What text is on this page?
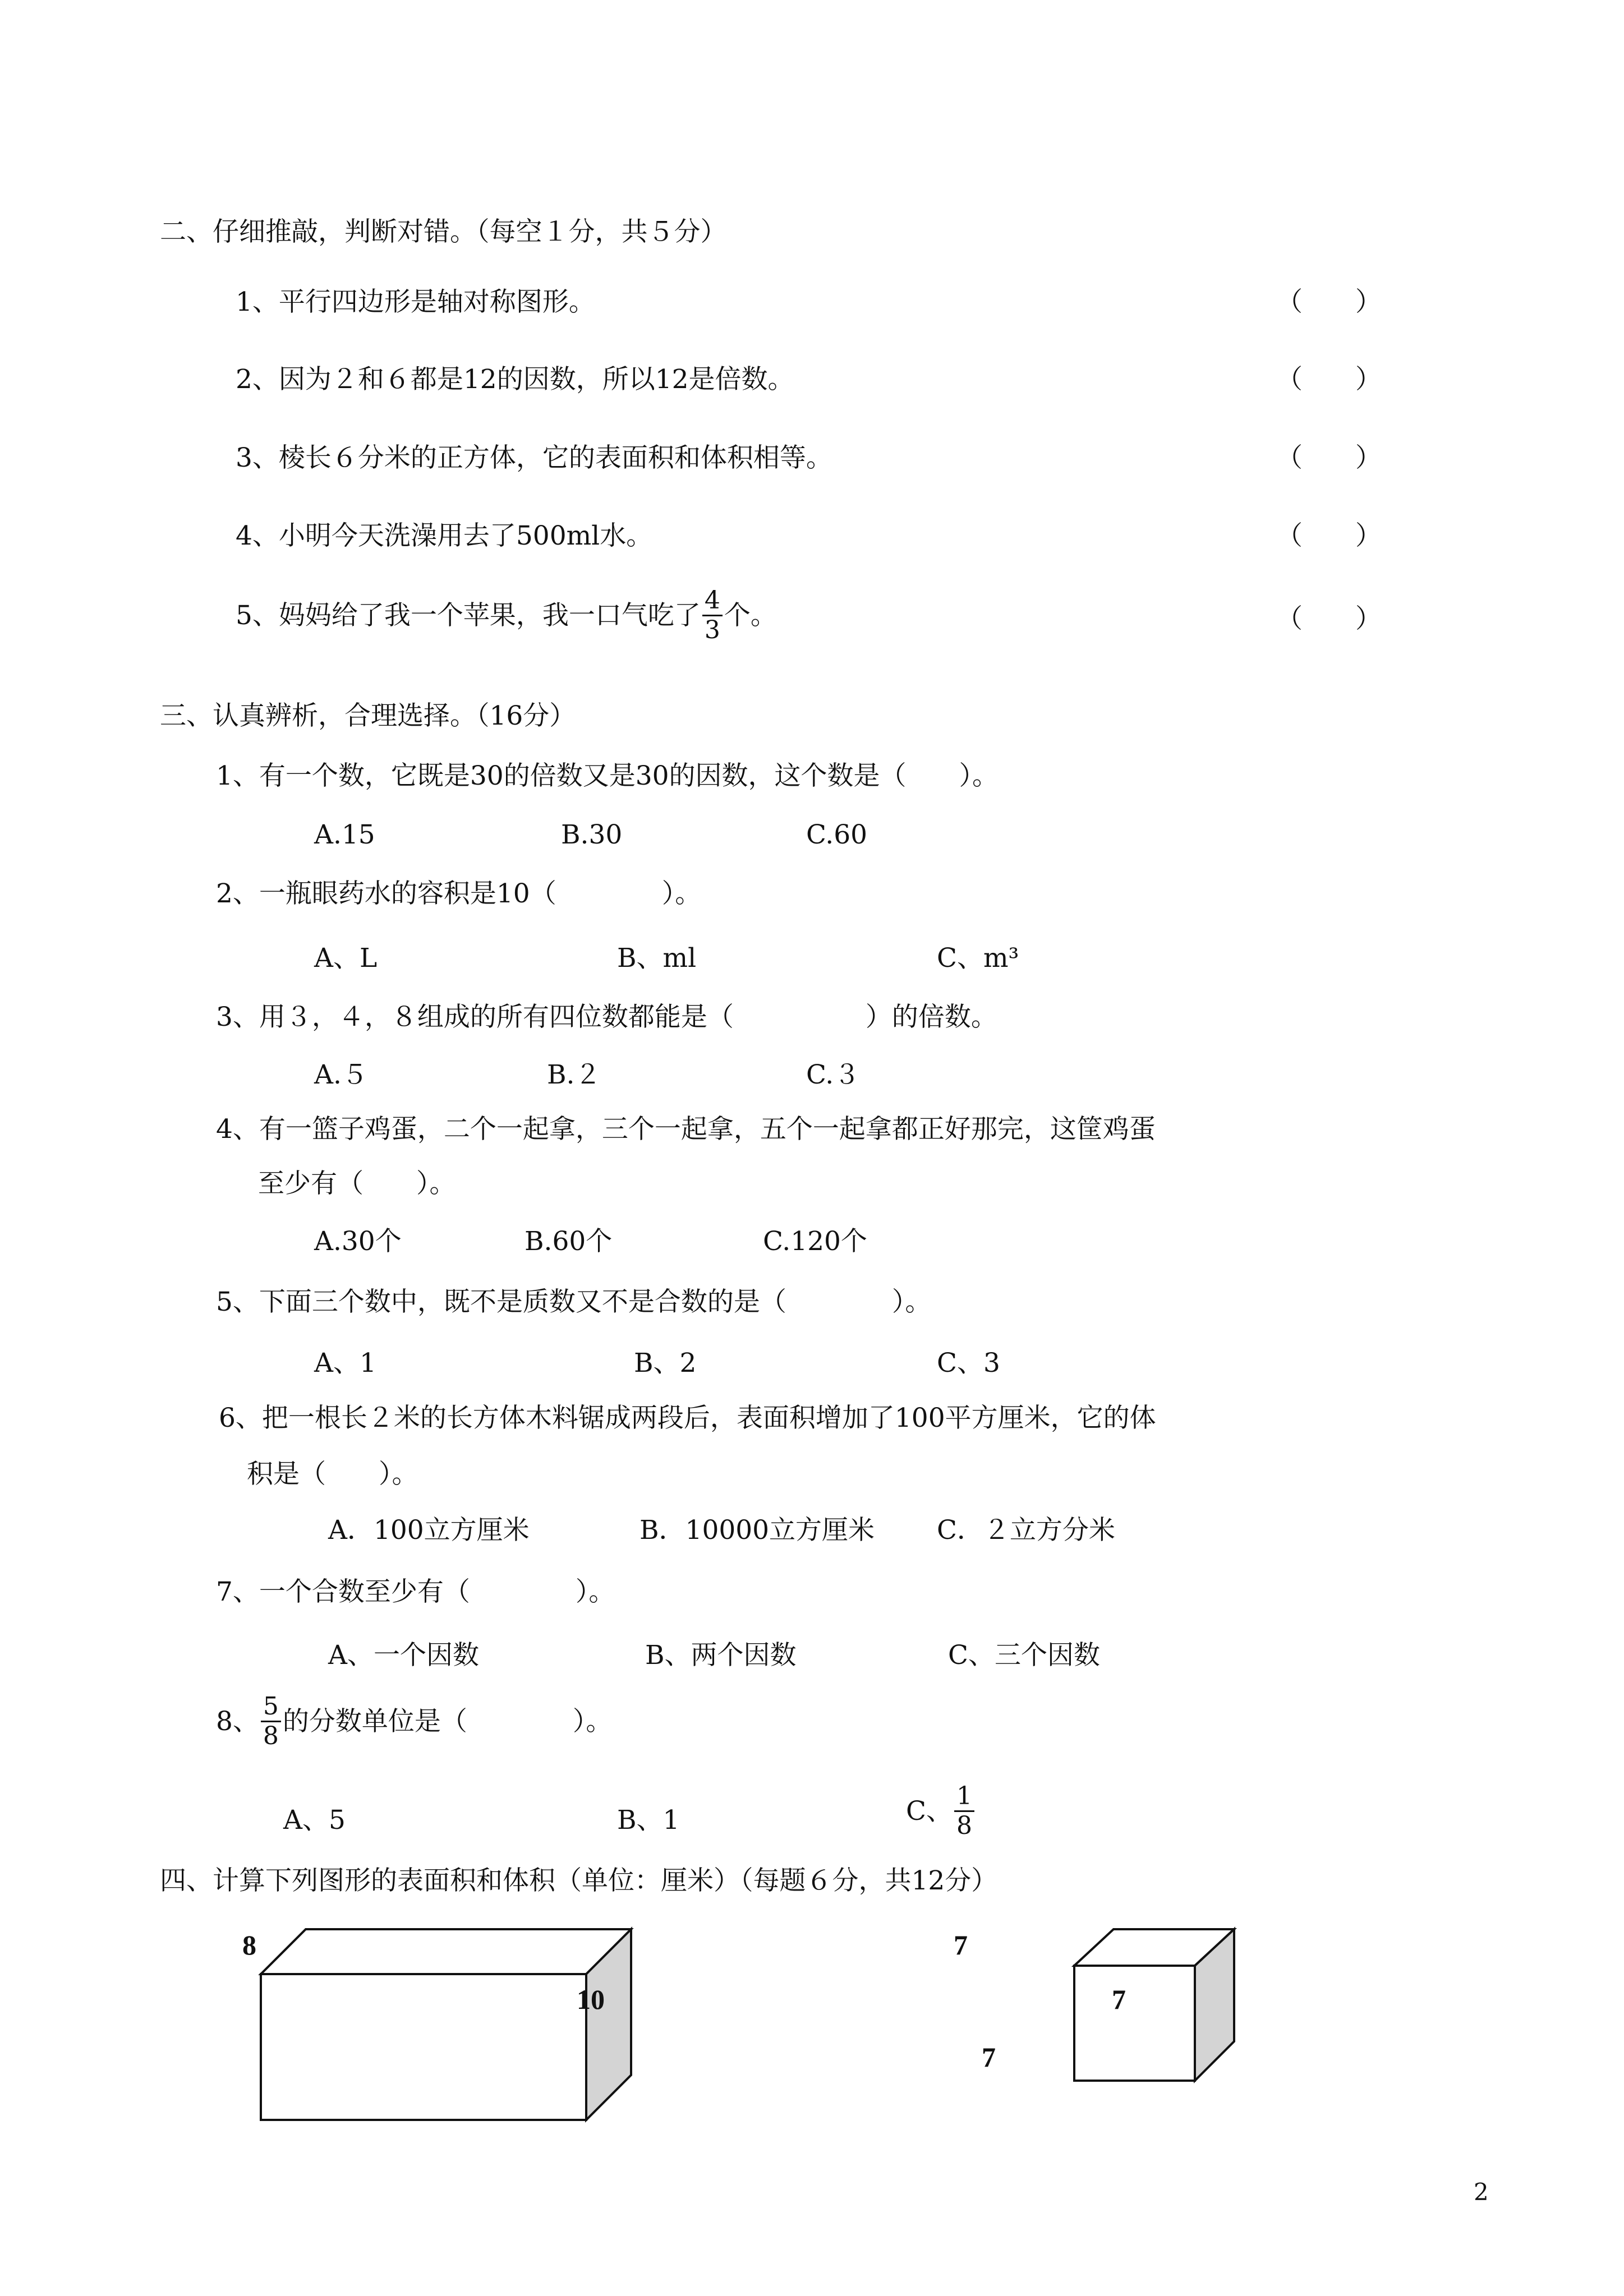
二、仔细推敲，判断对错。（每空１分，共５分）
1、平行四边形是轴对称图形。	（　　）
2、因为２和６都是12的因数，所以12是倍数。	（　　）
3、棱长６分米的正方体，它的表面积和体积相等。	（　　）
4、小明今天洗澡用去了500ml水。	（　　）
5、妈妈给了我一个苹果，我一口气吃了 $\frac{4}{3}$ 个。	（　　）
三、认真辨析，合理选择。（16分）
1、有一个数，它既是30的倍数又是30的因数，这个数是（　　）。
A.15	B.30	C.60
2、一瓶眼药水的容积是10（　　　　）。
A、L	B、ml	C、m³
3、用３，４，８组成的所有四位数都能是（　　　　　）的倍数。
A.５	B.２	C.３
4、有一篮子鸡蛋，二个一起拿，三个一起拿，五个一起拿都正好那完，这筐鸡蛋
至少有（　　）。
A.30个	B.60个	C.120个
5、下面三个数中，既不是质数又不是合数的是（　　　　）。
A、1	B、2	C、3
6、把一根长２米的长方体木料锯成两段后，表面积增加了100平方厘米，它的体
积是（　　）。
A．100立方厘米	B．10000立方厘米 C．２立方分米
7、一个合数至少有（　　　　）。
A、一个因数	B、两个因数	C、三个因数
8、 $\frac{5}{8}$ 的分数单位是（　　　　）。
A、5	B、1	C、 $\frac{1}{8}$
四、计算下列图形的表面积和体积（单位：厘米）（每题６分，共12分）
8
10
7
7
7
2
